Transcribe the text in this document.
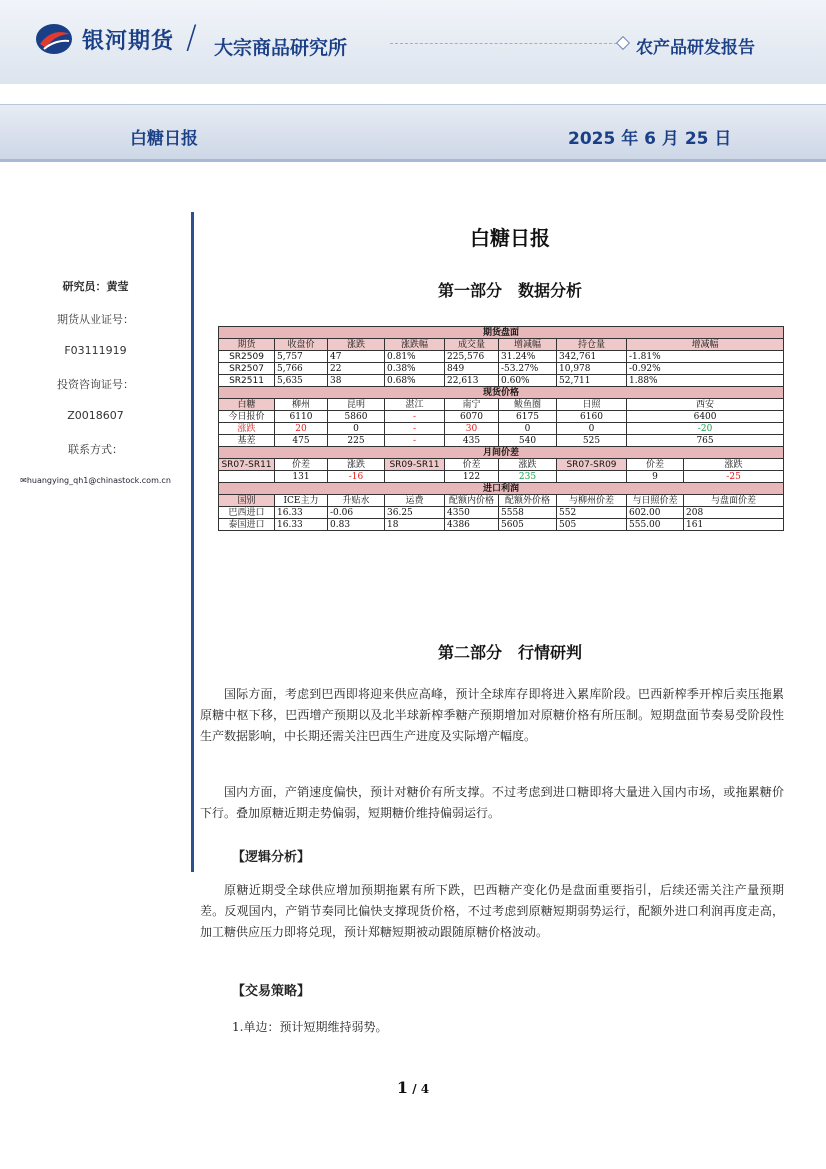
银河期货 / 大宗商品研究所	农产品研发报告
白糖日报	2025 年 6 月 25 日
研究员：黄莹
期货从业证号：
F03111919
投资咨询证号：
Z0018607
联系方式：
✉huangying_qh1@chinastock.com.cn
白糖日报
第一部分　数据分析
期货盘面								
期货	收盘价	涨跌	涨跌幅	成交量	增减幅	持仓量	增减幅	
SR2509	5,757	47	0.81%	225,576	31.24%	342,761	-1.81%	
SR2507	5,766	22	0.38%	849	-53.27%	10,978	-0.92%	
SR2511	5,635	38	0.68%	22,613	0.60%	52,711	1.88%	
现货价格								
白糖	柳州	昆明	湛江	南宁	鲅鱼圈	日照	西安	
今日报价	6110	5860	-	6070	6175	6160	6400	
涨跌	20	0	-	30	0	0	-20	
基差	475	225	-	435	540	525	765	
月间价差								
SR07-SR11	价差	涨跌	SR09-SR11	价差	涨跌	SR07-SR09	价差	涨跌
	131	-16		122	235		9	-25
进口利润								
国别	ICE主力	升贴水	运费	配额内价格	配额外价格	与柳州价差	与日照价差	与盘面价差
巴西进口	16.33	-0.06	36.25	4350	5558	552	602.00	208
泰国进口	16.33	0.83	18	4386	5605	505	555.00	161
第二部分　行情研判
国际方面，考虑到巴西即将迎来供应高峰，预计全球库存即将进入累库阶段。巴西新榨季开榨后卖压拖累原糖中枢下移，巴西增产预期以及北半球新榨季糖产预期增加对原糖价格有所压制。短期盘面节奏易受阶段性生产数据影响，中长期还需关注巴西生产进度及实际增产幅度。
国内方面，产销速度偏快，预计对糖价有所支撑。不过考虑到进口糖即将大量进入国内市场，或拖累糖价下行。叠加原糖近期走势偏弱，短期糖价维持偏弱运行。
【逻辑分析】
原糖近期受全球供应增加预期拖累有所下跌，巴西糖产变化仍是盘面重要指引，后续还需关注产量预期差。反观国内，产销节奏同比偏快支撑现货价格，不过考虑到原糖短期弱势运行，配额外进口利润再度走高，加工糖供应压力即将兑现，预计郑糖短期被动跟随原糖价格波动。
【交易策略】
1.单边：预计短期维持弱势。
1 / 4
